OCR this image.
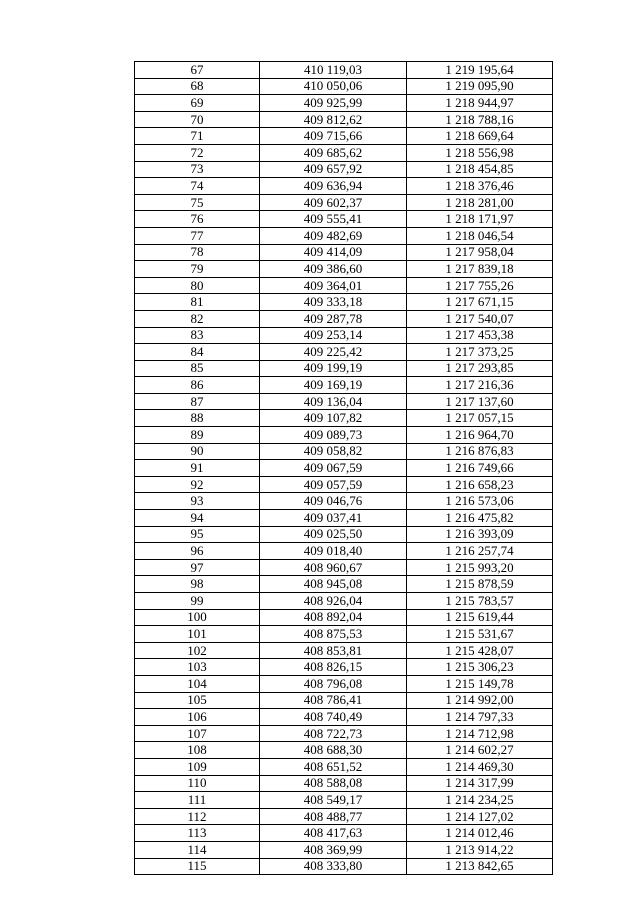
67	410 119,03	1 219 195,64
68	410 050,06	1 219 095,90
69	409 925,99	1 218 944,97
70	409 812,62	1 218 788,16
71	409 715,66	1 218 669,64
72	409 685,62	1 218 556,98
73	409 657,92	1 218 454,85
74	409 636,94	1 218 376,46
75	409 602,37	1 218 281,00
76	409 555,41	1 218 171,97
77	409 482,69	1 218 046,54
78	409 414,09	1 217 958,04
79	409 386,60	1 217 839,18
80	409 364,01	1 217 755,26
81	409 333,18	1 217 671,15
82	409 287,78	1 217 540,07
83	409 253,14	1 217 453,38
84	409 225,42	1 217 373,25
85	409 199,19	1 217 293,85
86	409 169,19	1 217 216,36
87	409 136,04	1 217 137,60
88	409 107,82	1 217 057,15
89	409 089,73	1 216 964,70
90	409 058,82	1 216 876,83
91	409 067,59	1 216 749,66
92	409 057,59	1 216 658,23
93	409 046,76	1 216 573,06
94	409 037,41	1 216 475,82
95	409 025,50	1 216 393,09
96	409 018,40	1 216 257,74
97	408 960,67	1 215 993,20
98	408 945,08	1 215 878,59
99	408 926,04	1 215 783,57
100	408 892,04	1 215 619,44
101	408 875,53	1 215 531,67
102	408 853,81	1 215 428,07
103	408 826,15	1 215 306,23
104	408 796,08	1 215 149,78
105	408 786,41	1 214 992,00
106	408 740,49	1 214 797,33
107	408 722,73	1 214 712,98
108	408 688,30	1 214 602,27
109	408 651,52	1 214 469,30
110	408 588,08	1 214 317,99
111	408 549,17	1 214 234,25
112	408 488,77	1 214 127,02
113	408 417,63	1 214 012,46
114	408 369,99	1 213 914,22
115	408 333,80	1 213 842,65
